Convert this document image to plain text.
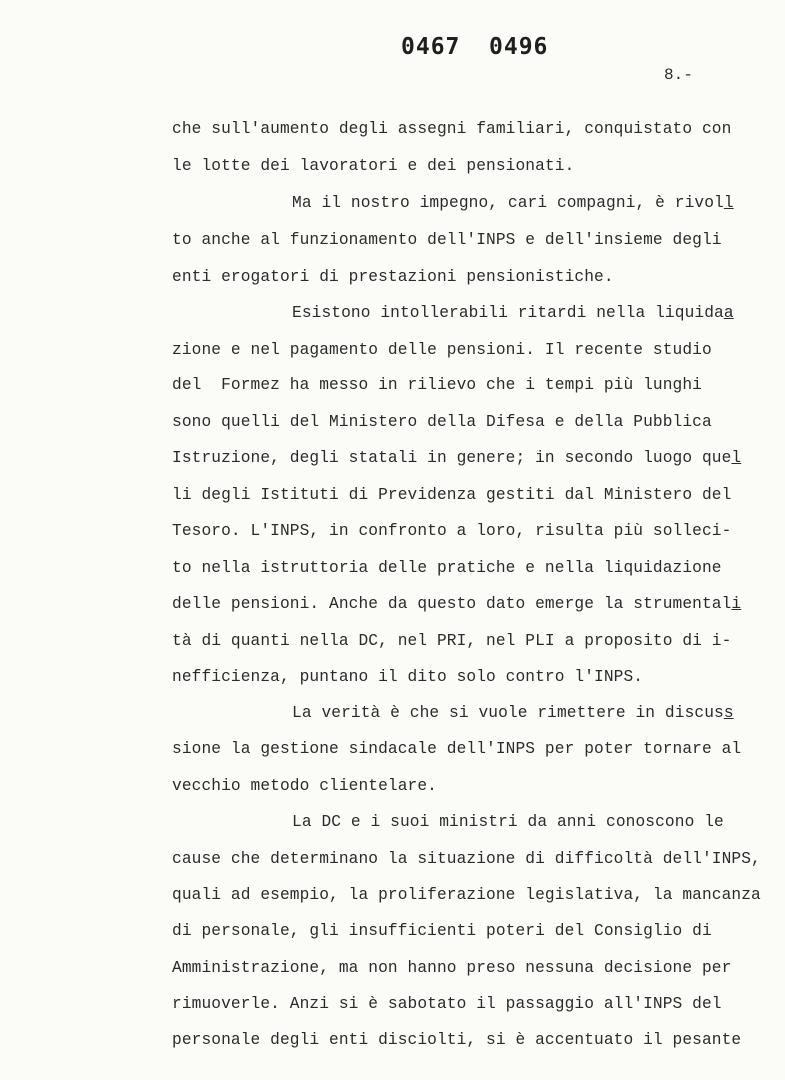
0467 0496
8.-
che sull'aumento degli assegni familiari, conquistato con
le lotte dei lavoratori e dei pensionati.
Ma il nostro impegno, cari compagni, è rivoll
to anche al funzionamento dell'INPS e dell'insieme degli
enti erogatori di prestazioni pensionistiche.
Esistono intollerabili ritardi nella liquidaa
zione e nel pagamento delle pensioni. Il recente studio
del  Formez ha messo in rilievo che i tempi più lunghi
sono quelli del Ministero della Difesa e della Pubblica
Istruzione, degli statali in genere; in secondo luogo quel
li degli Istituti di Previdenza gestiti dal Ministero del
Tesoro. L'INPS, in confronto a loro, risulta più solleci-
to nella istruttoria delle pratiche e nella liquidazione
delle pensioni. Anche da questo dato emerge la strumentali
tà di quanti nella DC, nel PRI, nel PLI a proposito di i-
nefficienza, puntano il dito solo contro l'INPS.
La verità è che si vuole rimettere in discuss
sione la gestione sindacale dell'INPS per poter tornare al
vecchio metodo clientelare.
La DC e i suoi ministri da anni conoscono le
cause che determinano la situazione di difficoltà dell'INPS,
quali ad esempio, la proliferazione legislativa, la mancanza
di personale, gli insufficienti poteri del Consiglio di
Amministrazione, ma non hanno preso nessuna decisione per
rimuoverle. Anzi si è sabotato il passaggio all'INPS del
personale degli enti disciolti, si è accentuato il pesante
